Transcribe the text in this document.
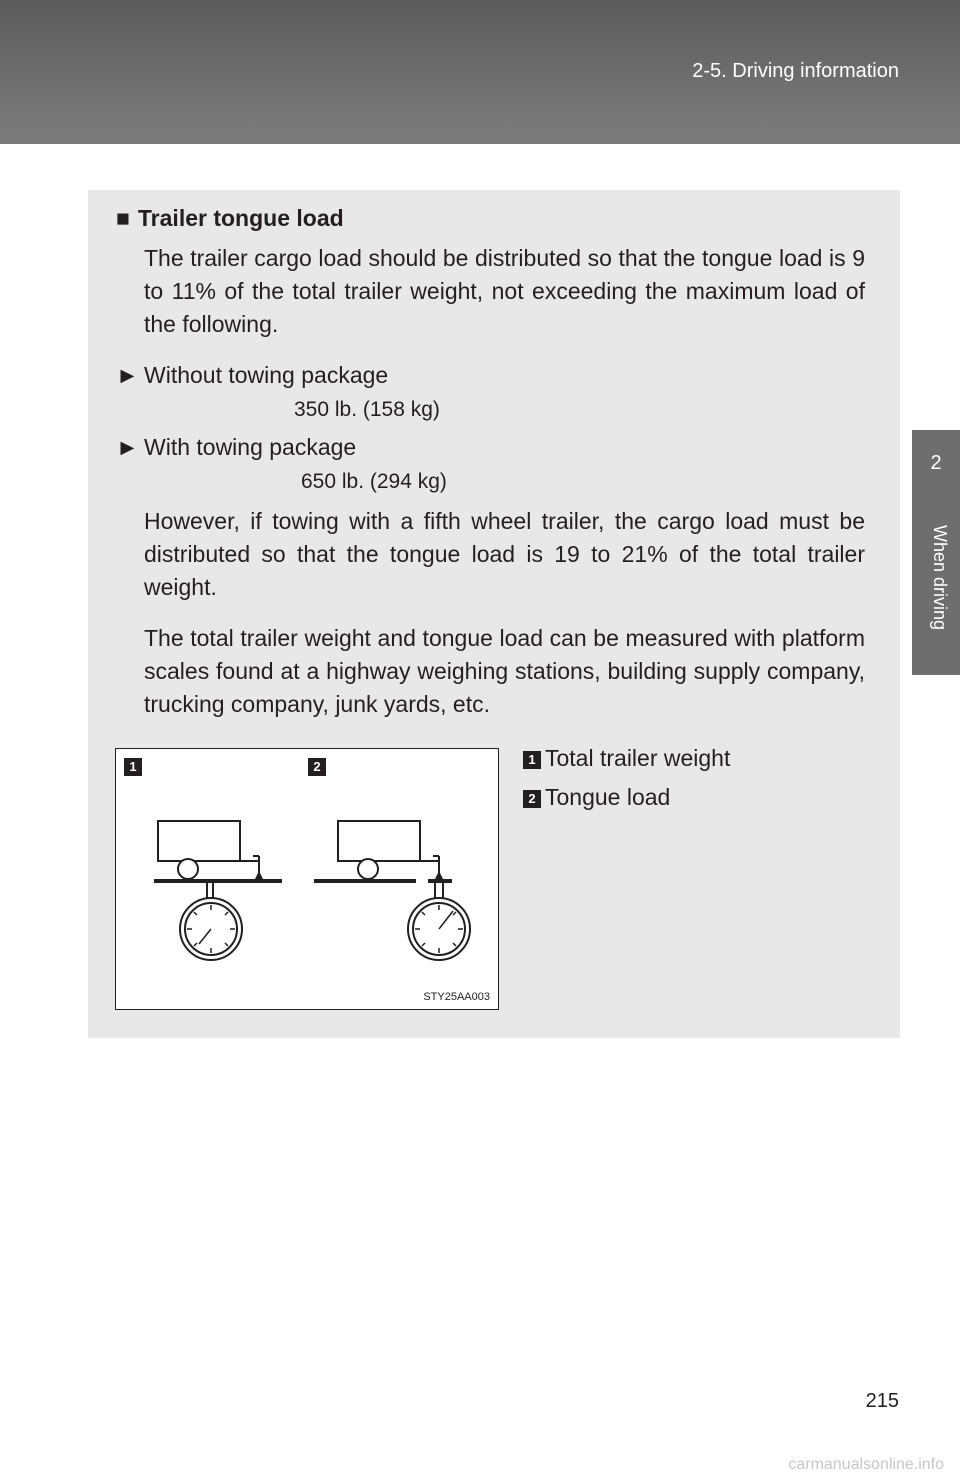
2-5. Driving information
2
When driving
■ Trailer tongue load

The trailer cargo load should be distributed so that the tongue load is 9 to 11% of the total trailer weight, not exceeding the maximum load of the following.

► Without towing package
350 lb. (158 kg)
► With towing package
650 lb. (294 kg)

However, if towing with a fifth wheel trailer, the cargo load must be distributed so that the tongue load is 19 to 21% of the total trailer weight.

The total trailer weight and tongue load can be measured with platform scales found at a highway weighing stations, building supply company, trucking company, junk yards, etc.

1	2
STY25AA003
1 Total trailer weight
2 Tongue load
215
carmanualsonline.info
